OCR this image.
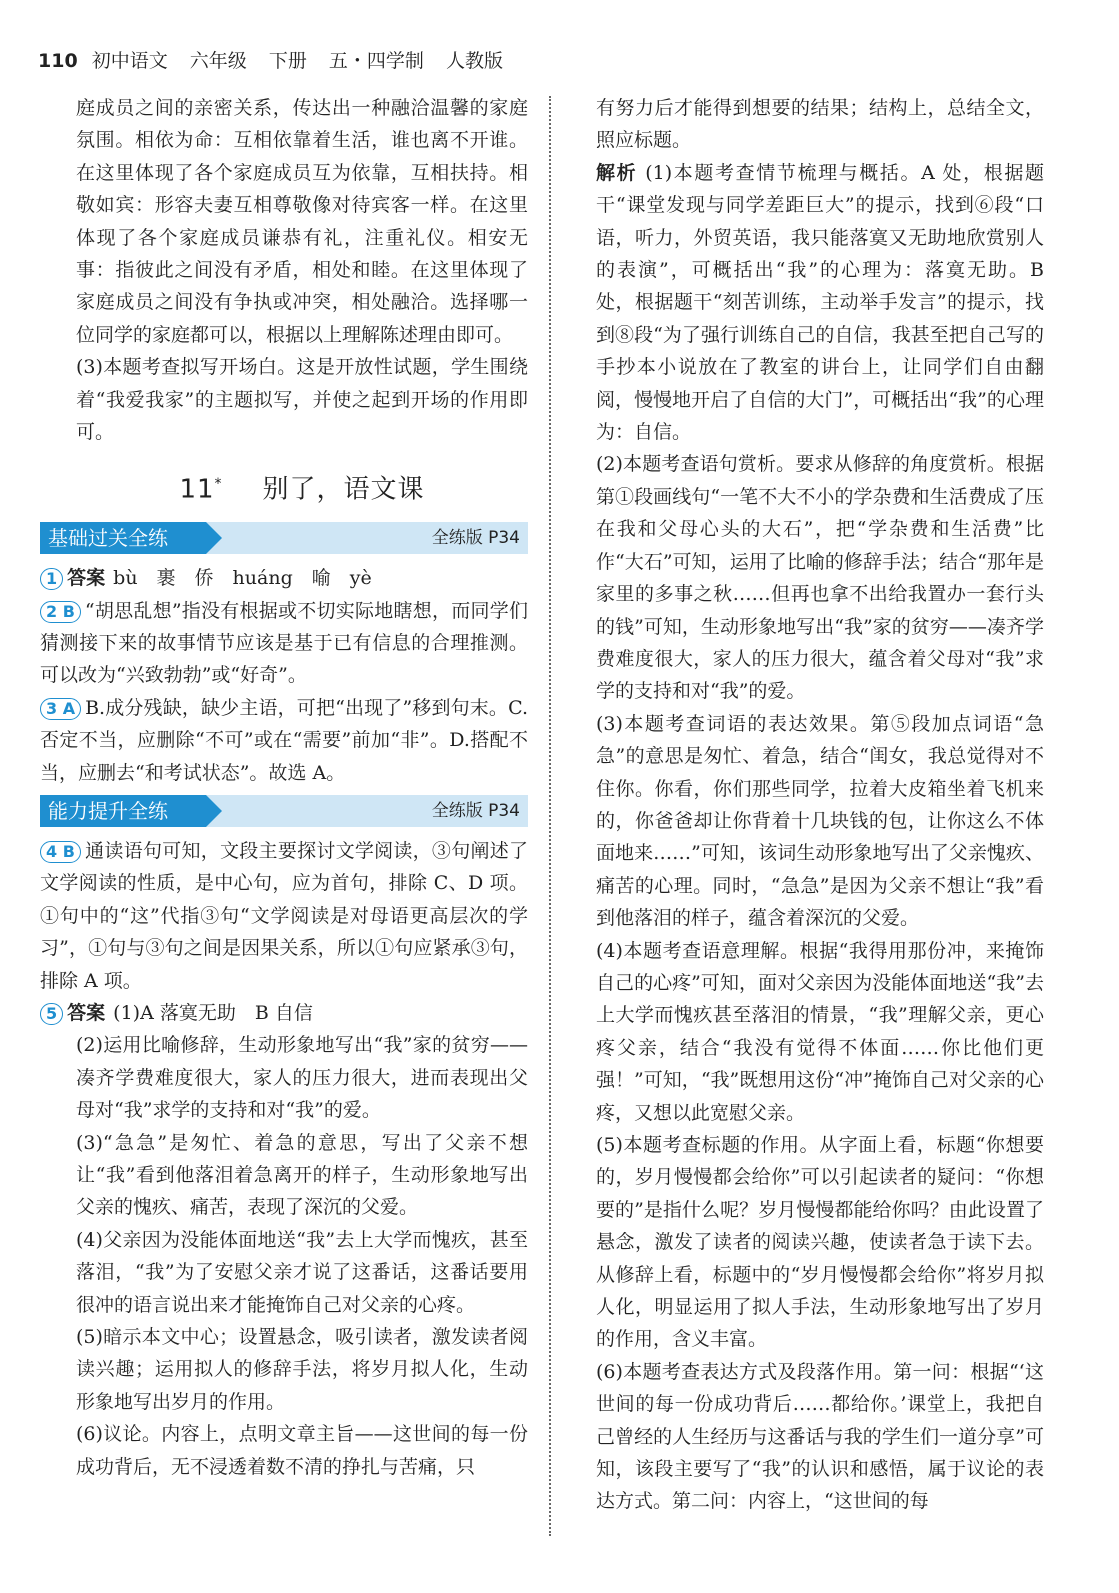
110 初中语文 六年级 下册 五・四学制 人教版

庭成员之间的亲密关系，传达出一种融洽温馨的家庭氛围。相依为命：互相依靠着生活，谁也离不开谁。在这里体现了各个家庭成员互为依靠，互相扶持。相敬如宾：形容夫妻互相尊敬像对待宾客一样。在这里体现了各个家庭成员谦恭有礼，注重礼仪。相安无事：指彼此之间没有矛盾，相处和睦。在这里体现了家庭成员之间没有争执或冲突，相处融洽。选择哪一位同学的家庭都可以，根据以上理解陈述理由即可。

(3)本题考查拟写开场白。这是开放性试题，学生围绕着“我爱我家”的主题拟写，并使之起到开场的作用即可。

11* 别了，语文课
基础过关全练	全练版 P34

1 答案 bù　裹　侨　huáng　喻　yè

2 B “胡思乱想”指没有根据或不切实际地瞎想，而同学们猜测接下来的故事情节应该是基于已有信息的合理推测。可以改为“兴致勃勃”或“好奇”。

3 A B.成分残缺，缺少主语，可把“出现了”移到句末。C.否定不当，应删除“不可”或在“需要”前加“非”。D.搭配不当，应删去“和考试状态”。故选 A。

能力提升全练	全练版 P34

4 B 通读语句可知，文段主要探讨文学阅读，③句阐述了文学阅读的性质，是中心句，应为首句，排除 C、D 项。①句中的“这”代指③句“文学阅读是对母语更高层次的学习”，①句与③句之间是因果关系，所以①句应紧承③句，排除 A 项。

5 答案 (1)A 落寞无助　B 自信

(2)运用比喻修辞，生动形象地写出“我”家的贫穷——凑齐学费难度很大，家人的压力很大，进而表现出父母对“我”求学的支持和对“我”的爱。

(3)“急急”是匆忙、着急的意思，写出了父亲不想让“我”看到他落泪着急离开的样子，生动形象地写出父亲的愧疚、痛苦，表现了深沉的父爱。

(4)父亲因为没能体面地送“我”去上大学而愧疚，甚至落泪，“我”为了安慰父亲才说了这番话，这番话要用很冲的语言说出来才能掩饰自己对父亲的心疼。

(5)暗示本文中心；设置悬念，吸引读者，激发读者阅读兴趣；运用拟人的修辞手法，将岁月拟人化，生动形象地写出岁月的作用。

(6)议论。内容上，点明文章主旨——这世间的每一份成功背后，无不浸透着数不清的挣扎与苦痛，只

有努力后才能得到想要的结果；结构上，总结全文，照应标题。

解析 (1)本题考查情节梳理与概括。A 处，根据题干“课堂发现与同学差距巨大”的提示，找到⑥段“口语，听力，外贸英语，我只能落寞又无助地欣赏别人的表演”，可概括出“我”的心理为：落寞无助。B 处，根据题干“刻苦训练，主动举手发言”的提示，找到⑧段“为了强行训练自己的自信，我甚至把自己写的手抄本小说放在了教室的讲台上，让同学们自由翻阅，慢慢地开启了自信的大门”，可概括出“我”的心理为：自信。

(2)本题考查语句赏析。要求从修辞的角度赏析。根据第①段画线句“一笔不大不小的学杂费和生活费成了压在我和父母心头的大石”，把“学杂费和生活费”比作“大石”可知，运用了比喻的修辞手法；结合“那年是家里的多事之秋……但再也拿不出给我置办一套行头的钱”可知，生动形象地写出“我”家的贫穷——凑齐学费难度很大，家人的压力很大，蕴含着父母对“我”求学的支持和对“我”的爱。

(3)本题考查词语的表达效果。第⑤段加点词语“急急”的意思是匆忙、着急，结合“闺女，我总觉得对不住你。你看，你们那些同学，拉着大皮箱坐着飞机来的，你爸爸却让你背着十几块钱的包，让你这么不体面地来……”可知，该词生动形象地写出了父亲愧疚、痛苦的心理。同时，“急急”是因为父亲不想让“我”看到他落泪的样子，蕴含着深沉的父爱。

(4)本题考查语意理解。根据“我得用那份冲，来掩饰自己的心疼”可知，面对父亲因为没能体面地送“我”去上大学而愧疚甚至落泪的情景，“我”理解父亲，更心疼父亲，结合“我没有觉得不体面……你比他们更强！”可知，“我”既想用这份“冲”掩饰自己对父亲的心疼，又想以此宽慰父亲。

(5)本题考查标题的作用。从字面上看，标题“你想要的，岁月慢慢都会给你”可以引起读者的疑问：“你想要的”是指什么呢？岁月慢慢都能给你吗？由此设置了悬念，激发了读者的阅读兴趣，使读者急于读下去。从修辞上看，标题中的“岁月慢慢都会给你”将岁月拟人化，明显运用了拟人手法，生动形象地写出了岁月的作用，含义丰富。

(6)本题考查表达方式及段落作用。第一问：根据“‘这世间的每一份成功背后……都给你。’课堂上，我把自己曾经的人生经历与这番话与我的学生们一道分享”可知，该段主要写了“我”的认识和感悟，属于议论的表达方式。第二问：内容上，“这世间的每
